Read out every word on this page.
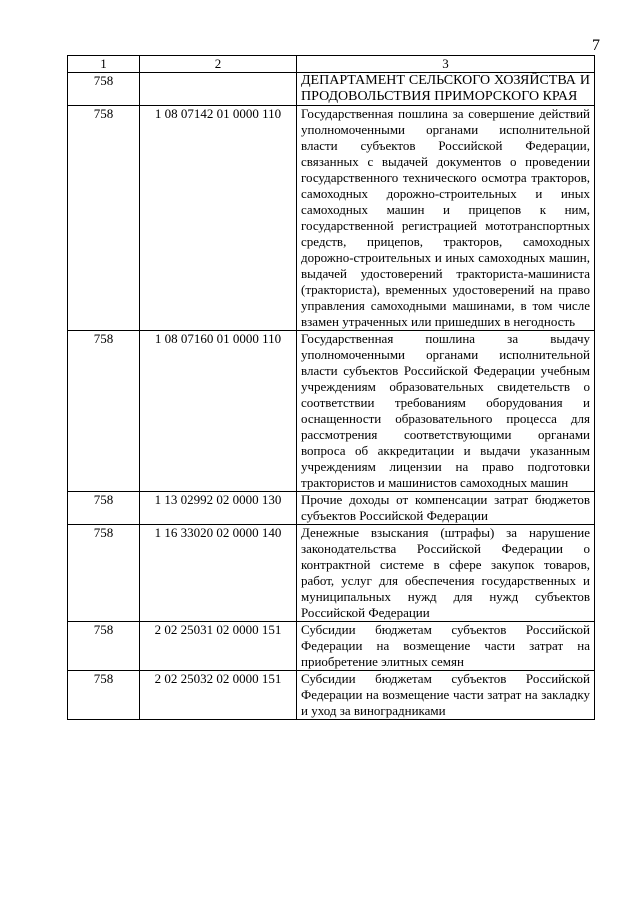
7
1	2	3
758		ДЕПАРТАМЕНТ СЕЛЬСКОГО ХОЗЯЙСТВА И ПРОДОВОЛЬСТВИЯ ПРИМОРСКОГО КРАЯ
758	1 08 07142 01 0000 110	Государственная пошлина за совершение действий уполномоченными органами исполнительной власти субъектов Российской Федерации, связанных с выдачей документов о проведении государственного технического осмотра тракторов, самоходных дорожно-строительных и иных самоходных машин и прицепов к ним, государственной регистрацией мототранспортных средств, прицепов, тракторов, самоходных дорожно-строительных и иных самоходных машин, выдачей удостоверений тракториста-машиниста (тракториста), временных удостоверений на право управления самоходными машинами, в том числе взамен утраченных или пришедших в негодность
758	1 08 07160 01 0000 110	Государственная пошлина за выдачу уполномоченными органами исполнительной власти субъектов Российской Федерации учебным учреждениям образовательных свидетельств о соответствии требованиям оборудования и оснащенности образовательного процесса для рассмотрения соответствующими органами вопроса об аккредитации и выдачи указанным учреждениям лицензии на право подготовки трактористов и машинистов самоходных машин
758	1 13 02992 02 0000 130	Прочие доходы от компенсации затрат бюджетов субъектов Российской Федерации
758	1 16 33020 02 0000 140	Денежные взыскания (штрафы) за нарушение законодательства Российской Федерации о контрактной системе в сфере закупок товаров, работ, услуг для обеспечения государственных и муниципальных нужд для нужд субъектов Российской Федерации
758	2 02 25031 02 0000 151	Субсидии бюджетам субъектов Российской Федерации на возмещение части затрат на приобретение элитных семян
758	2 02 25032 02 0000 151	Субсидии бюджетам субъектов Российской Федерации на возмещение части затрат на закладку и уход за виноградниками
